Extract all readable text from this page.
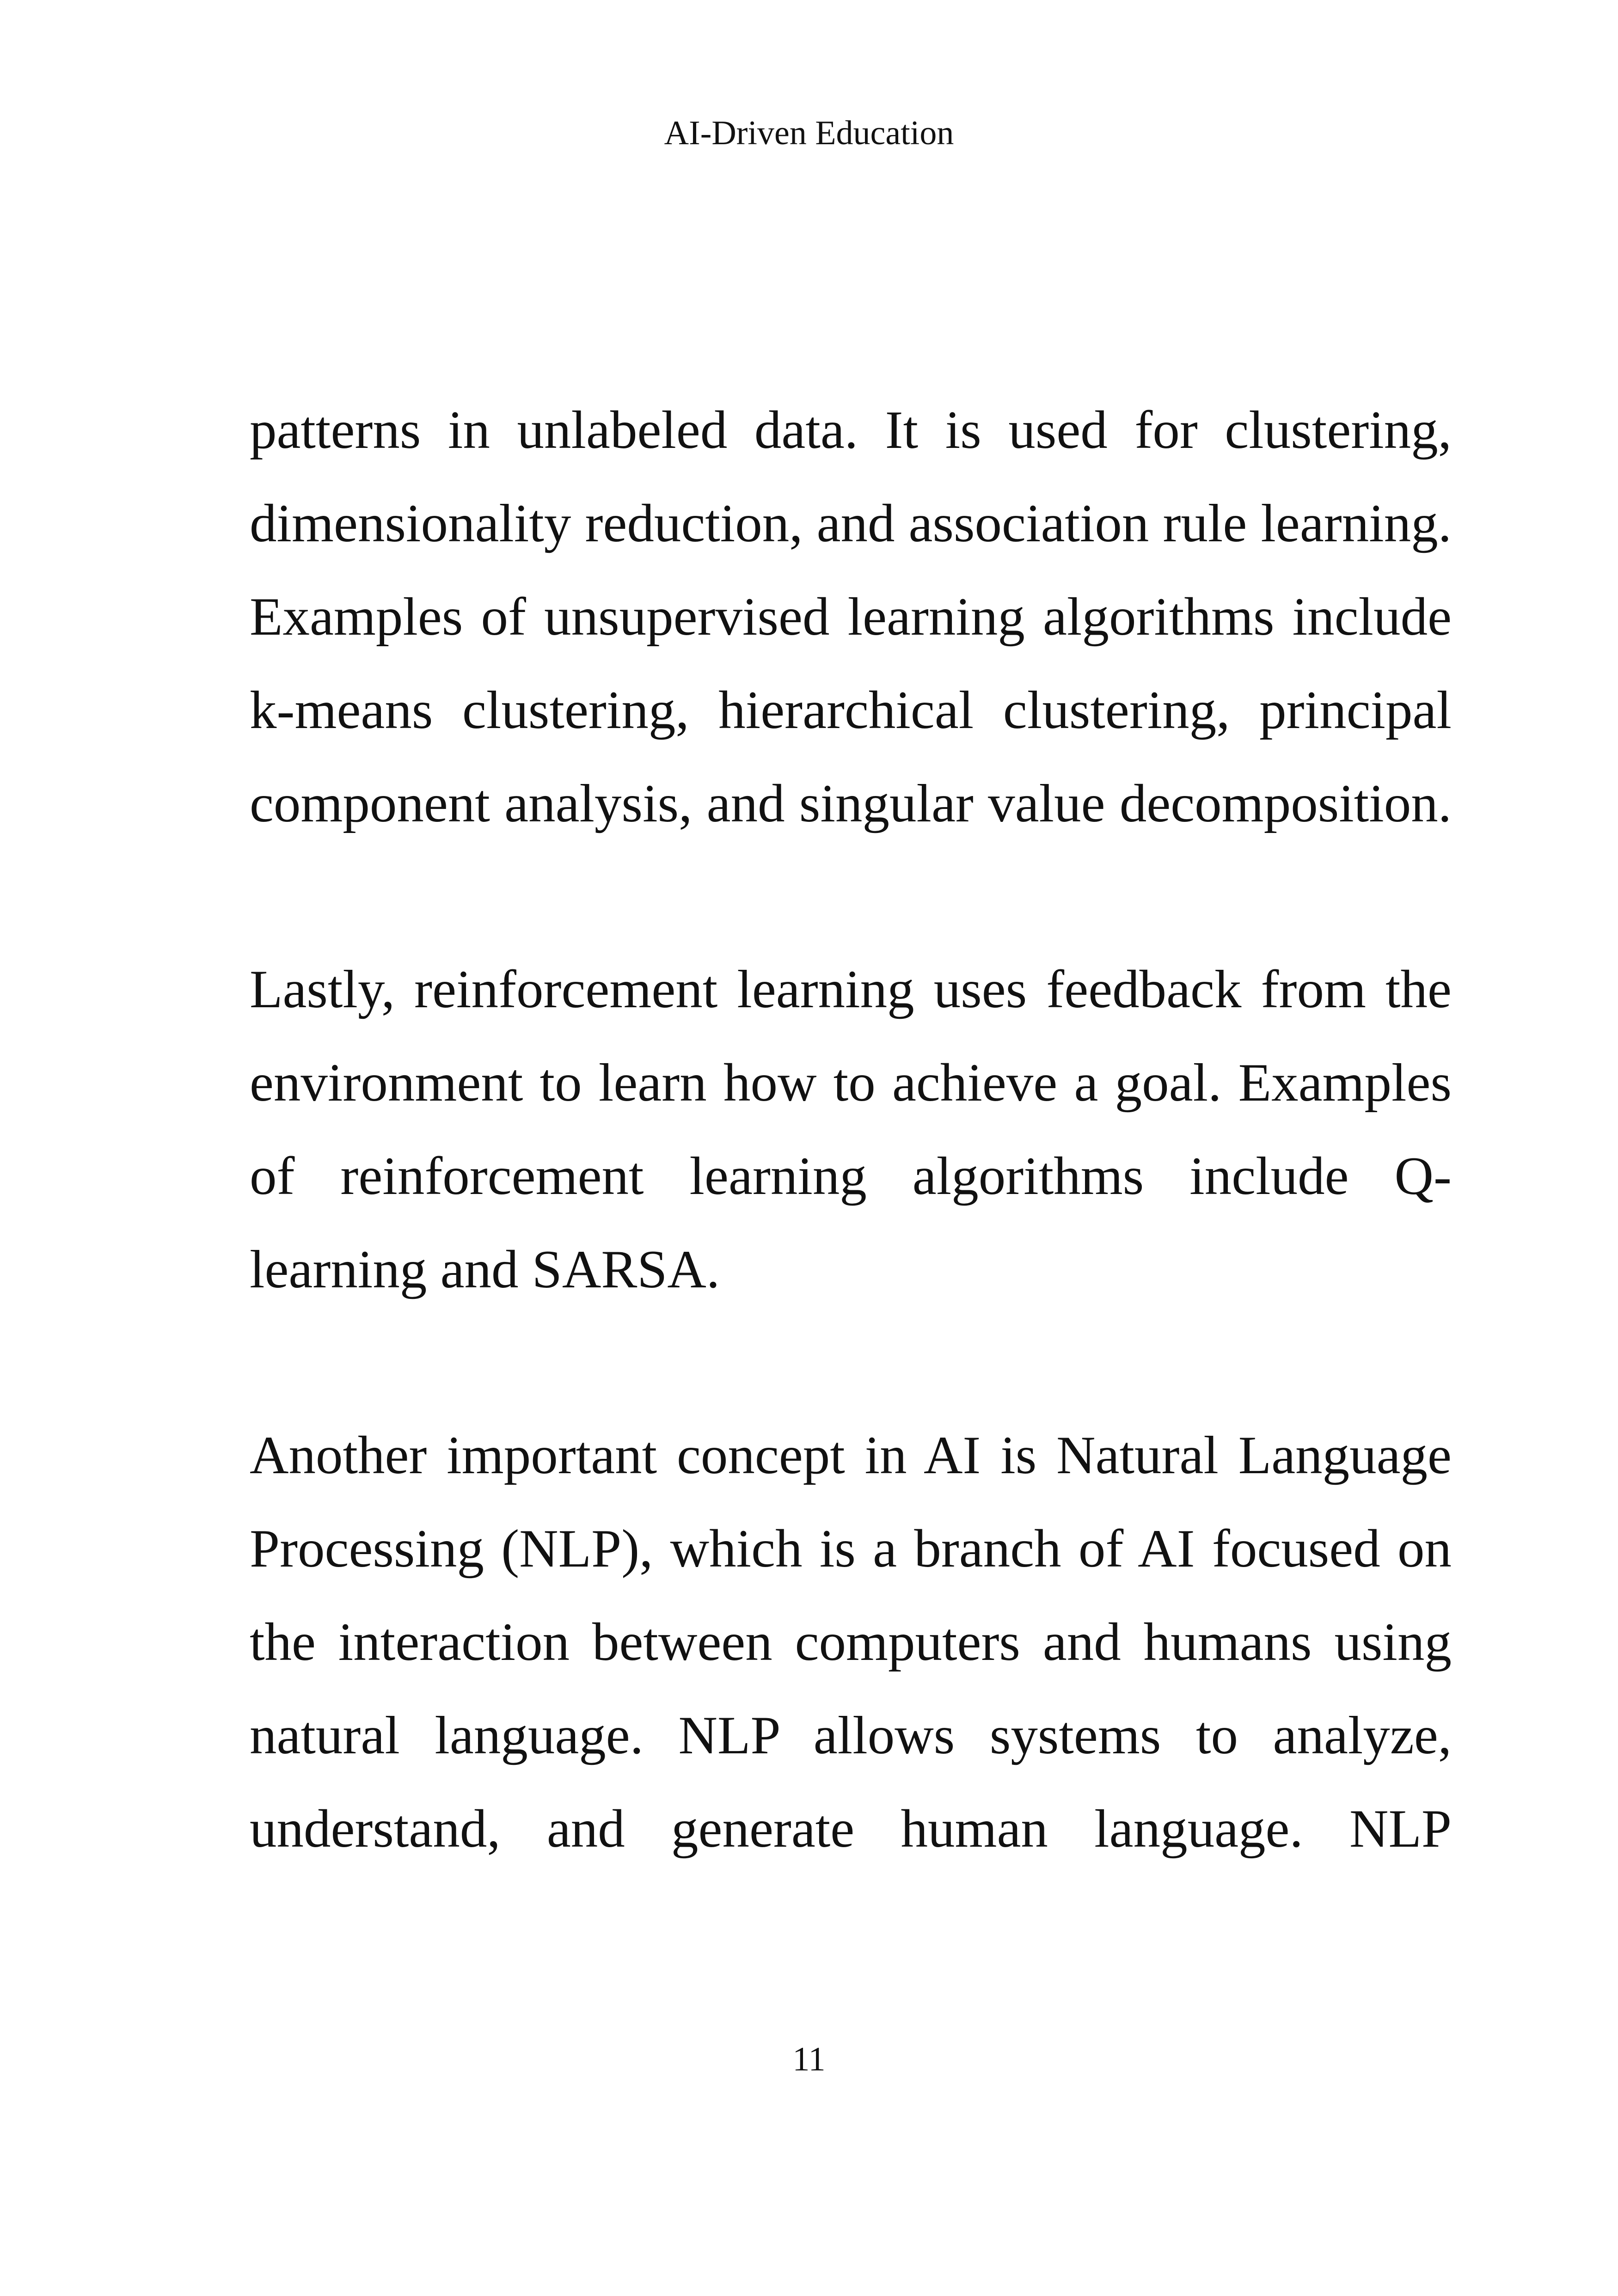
AI-Driven Education
patterns in unlabeled data. It is used for clustering,
dimensionality reduction, and association rule learning.
Examples of unsupervised learning algorithms include
k-means clustering, hierarchical clustering, principal
component analysis, and singular value decomposition.
Lastly, reinforcement learning uses feedback from the
environment to learn how to achieve a goal. Examples
of reinforcement learning algorithms include Q-
learning and SARSA.
Another important concept in AI is Natural Language
Processing (NLP), which is a branch of AI focused on
the interaction between computers and humans using
natural language. NLP allows systems to analyze,
understand, and generate human language. NLP
11
